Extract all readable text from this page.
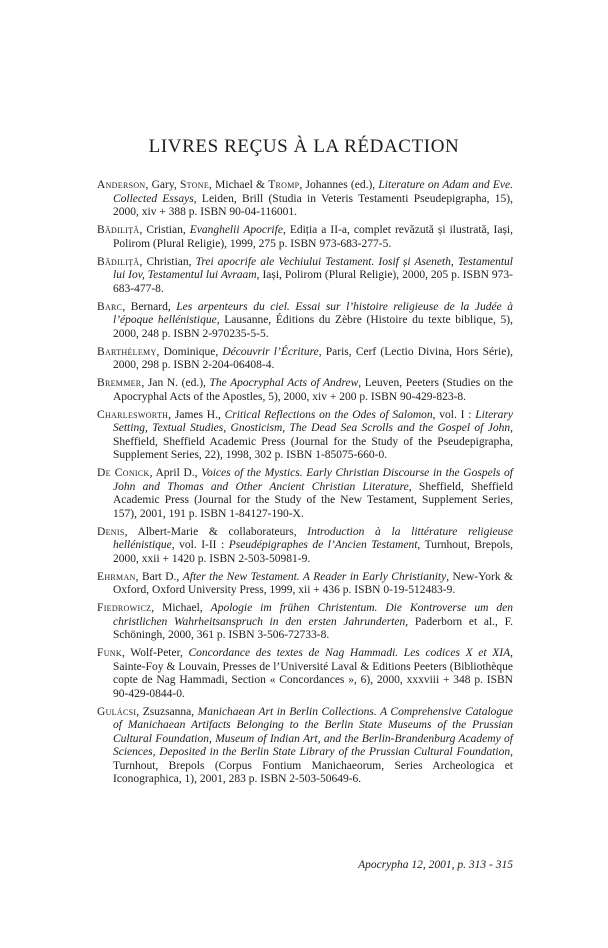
LIVRES REÇUS À LA RÉDACTION

Anderson, Gary, Stone, Michael & Tromp, Johannes (ed.), Literature on Adam and Eve. Collected Essays, Leiden, Brill (Studia in Veteris Testamenti Pseudepigrapha, 15), 2000, xiv + 388 p. ISBN 90-04-116001.

Bădiliță, Cristian, Evanghelii Apocrife, Ediția a II-a, complet revăzută și ilustrată, Iași, Polirom (Plural Religie), 1999, 275 p. ISBN 973-683-277-5.

Bădiliță, Christian, Trei apocrife ale Vechiului Testament. Iosif și Aseneth, Testamentul lui Iov, Testamentul lui Avraam, Iași, Polirom (Plural Religie), 2000, 205 p. ISBN 973-683-477-8.

Barc, Bernard, Les arpenteurs du ciel. Essai sur l’histoire religieuse de la Judée à l’époque hellénistique, Lausanne, Éditions du Zèbre (Histoire du texte biblique, 5), 2000, 248 p. ISBN 2-970235-5-5.

Barthélemy, Dominique, Découvrir l’Écriture, Paris, Cerf (Lectio Divina, Hors Série), 2000, 298 p. ISBN 2-204-06408-4.

Bremmer, Jan N. (ed.), The Apocryphal Acts of Andrew, Leuven, Peeters (Studies on the Apocryphal Acts of the Apostles, 5), 2000, xiv + 200 p. ISBN 90-429-823-8.

Charlesworth, James H., Critical Reflections on the Odes of Salomon, vol. I : Literary Setting, Textual Studies, Gnosticism, The Dead Sea Scrolls and the Gospel of John, Sheffield, Sheffield Academic Press (Journal for the Study of the Pseudepigrapha, Supplement Series, 22), 1998, 302 p. ISBN 1-85075-660-0.

De Conick, April D., Voices of the Mystics. Early Christian Discourse in the Gospels of John and Thomas and Other Ancient Christian Literature, Sheffield, Sheffield Academic Press (Journal for the Study of the New Testament, Supplement Series, 157), 2001, 191 p. ISBN 1-84127-190-X.

Denis, Albert-Marie & collaborateurs, Introduction à la littérature religieuse hellénistique, vol. I-II : Pseudépigraphes de l’Ancien Testament, Turnhout, Brepols, 2000, xxii + 1420 p. ISBN 2-503-50981-9.

Ehrman, Bart D., After the New Testament. A Reader in Early Christianity, New-York & Oxford, Oxford University Press, 1999, xii + 436 p. ISBN 0-19-512483-9.

Fiedrowicz, Michael, Apologie im frühen Christentum. Die Kontroverse um den christlichen Wahrheitsanspruch in den ersten Jahrunderten, Paderborn et al., F. Schöningh, 2000, 361 p. ISBN 3-506-72733-8.

Funk, Wolf-Peter, Concordance des textes de Nag Hammadi. Les codices X et XIA, Sainte-Foy & Louvain, Presses de l’Université Laval & Editions Peeters (Bibliothèque copte de Nag Hammadi, Section « Concordances », 6), 2000, xxxviii + 348 p. ISBN 90-429-0844-0.

Gulácsi, Zsuzsanna, Manichaean Art in Berlin Collections. A Comprehensive Catalogue of Manichaean Artifacts Belonging to the Berlin State Museums of the Prussian Cultural Foundation, Museum of Indian Art, and the Berlin-Brandenburg Academy of Sciences, Deposited in the Berlin State Library of the Prussian Cultural Foundation, Turnhout, Brepols (Corpus Fontium Manichaeorum, Series Archeologica et Iconographica, 1), 2001, 283 p. ISBN 2-503-50649-6.

Apocrypha 12, 2001, p. 313 - 315
